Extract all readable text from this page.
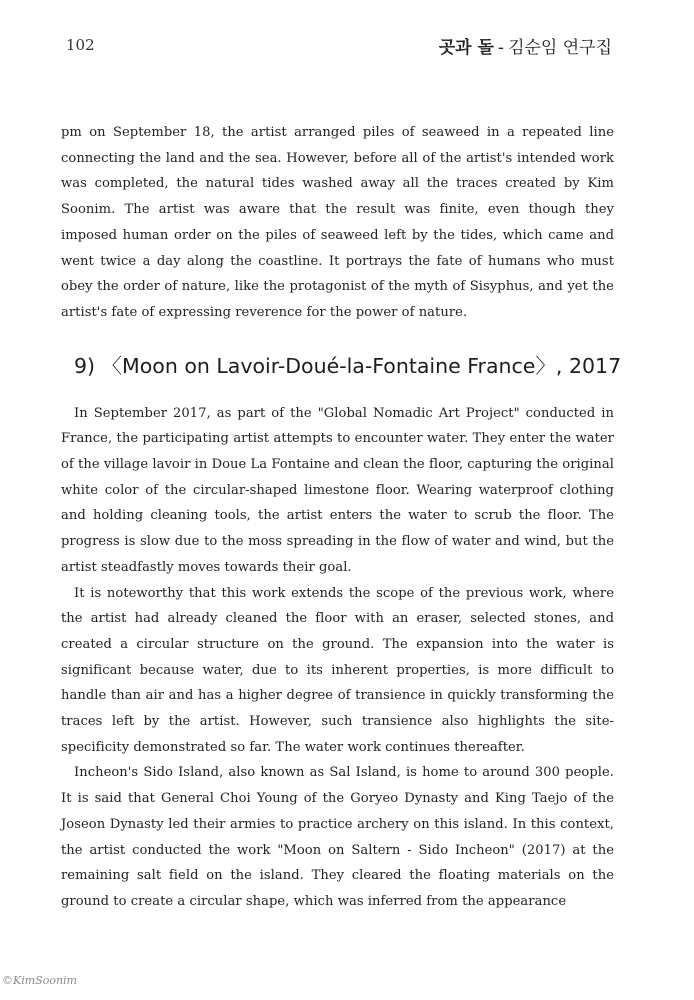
102	곳과 돌 - 김순임 연구집

pm on September 18, the artist arranged piles of seaweed in a repeated line connecting the land and the sea. However, before all of the artist's intended work was completed, the natural tides washed away all the traces created by Kim Soonim. The artist was aware that the result was finite, even though they imposed human order on the piles of seaweed left by the tides, which came and went twice a day along the coastline. It portrays the fate of humans who must obey the order of nature, like the protagonist of the myth of Sisyphus, and yet the artist's fate of expressing reverence for the power of nature.

9) 〈Moon on Lavoir-Doué-la-Fontaine France〉, 2017

In September 2017, as part of the "Global Nomadic Art Project" conducted in France, the participating artist attempts to encounter water. They enter the water of the village lavoir in Doue La Fontaine and clean the floor, capturing the original white color of the circular-shaped limestone floor. Wearing waterproof clothing and holding cleaning tools, the artist enters the water to scrub the floor. The progress is slow due to the moss spreading in the flow of water and wind, but the artist steadfastly moves towards their goal.

It is noteworthy that this work extends the scope of the previous work, where the artist had already cleaned the floor with an eraser, selected stones, and created a circular structure on the ground. The expansion into the water is significant because water, due to its inherent properties, is more difficult to handle than air and has a higher degree of transience in quickly transforming the traces left by the artist. However, such transience also highlights the site-specificity demonstrated so far. The water work continues thereafter.

Incheon's Sido Island, also known as Sal Island, is home to around 300 people. It is said that General Choi Young of the Goryeo Dynasty and King Taejo of the Joseon Dynasty led their armies to practice archery on this island. In this context, the artist conducted the work "Moon on Saltern - Sido Incheon" (2017) at the remaining salt field on the island. They cleared the floating materials on the ground to create a circular shape, which was inferred from the appearance

©KimSoonim
